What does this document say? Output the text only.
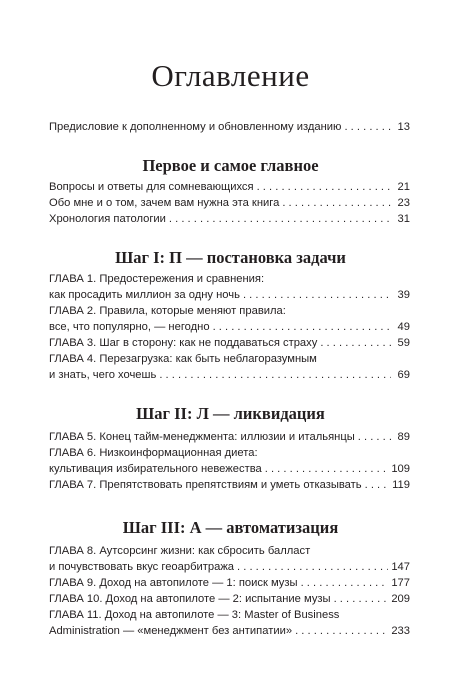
Оглавление
Предисловие к дополненному и обновленному изданию . . .	13
Первое и самое главное
Вопросы и ответы для сомневающихся . . .	21
Обо мне и о том, зачем вам нужна эта книга . . .	23
Хронология патологии . . .	31
Шаг I: П — постановка задачи
ГЛАВА 1. Предостережения и сравнения:
как просадить миллион за одну ночь . . .	39
ГЛАВА 2. Правила, которые меняют правила:
все, что популярно, — негодно . . .	49
ГЛАВА 3. Шаг в сторону: как не поддаваться страху . . .	59
ГЛАВА 4. Перезагрузка: как быть неблагоразумным
и знать, чего хочешь . . .	69
Шаг II: Л — ликвидация
ГЛАВА 5. Конец тайм-менеджмента: иллюзии и итальянцы . . .	89
ГЛАВА 6. Низкоинформационная диета:
культивация избирательного невежества . . .	109
ГЛАВА 7. Препятствовать препятствиям и уметь отказывать . . .	119
Шаг III: А — автоматизация
ГЛАВА 8. Аутсорсинг жизни: как сбросить балласт
и почувствовать вкус геоарбитража . . .	147
ГЛАВА 9. Доход на автопилоте — 1: поиск музы . . .	177
ГЛАВА 10. Доход на автопилоте — 2: испытание музы . . .	209
ГЛАВА 11. Доход на автопилоте — 3: Master of Business
Administration — «менеджмент без антипатии» . . .	233
